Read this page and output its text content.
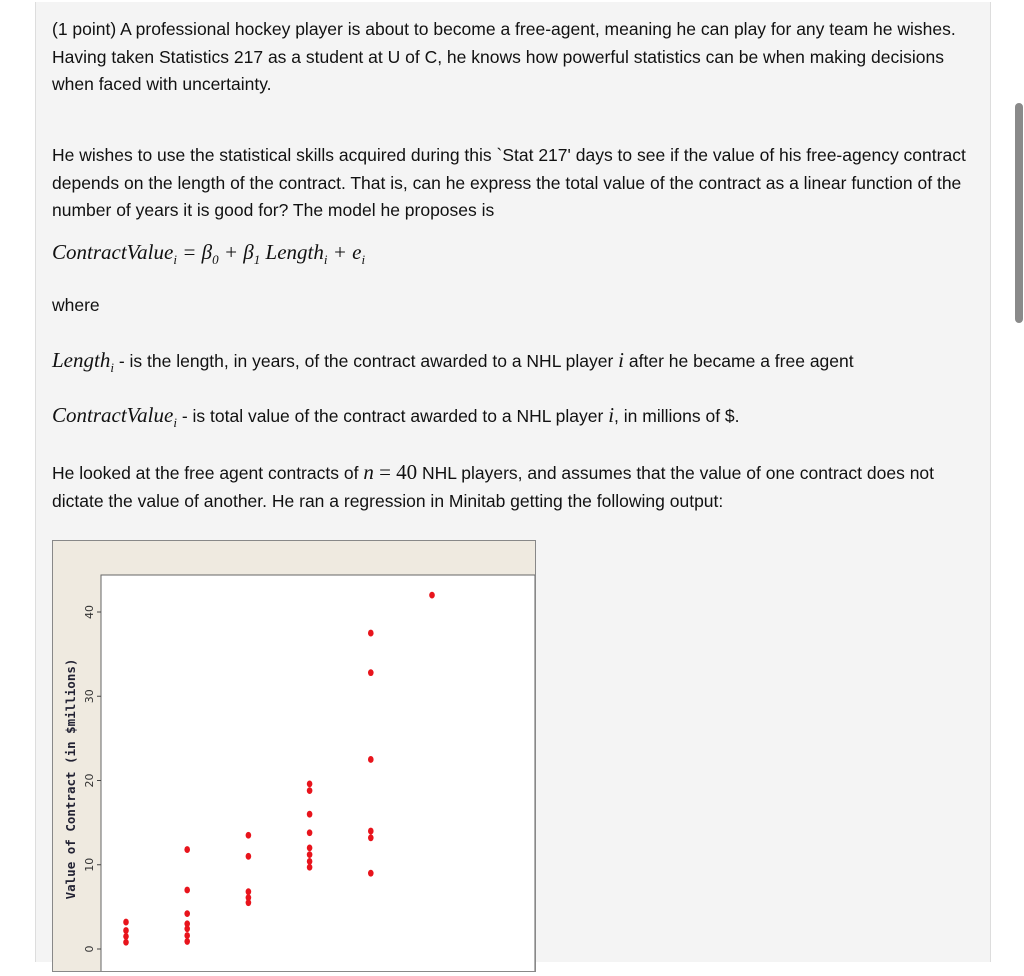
(1 point) A professional hockey player is about to become a free-agent, meaning he can play for any team he wishes. Having taken Statistics 217 as a student at U of C, he knows how powerful statistics can be when making decisions when faced with uncertainty.

He wishes to use the statistical skills acquired during this `Stat 217' days to see if the value of his free-agency contract depends on the length of the contract. That is, can he express the total value of the contract as a linear function of the number of years it is good for? The model he proposes is

ContractValue$_i$ = $\beta_0 + \beta_1$ Length$_i$ + $e_i$

where

Length$_i$ - is the length, in years, of the contract awarded to a NHL player i after he became a free agent
ContractValue$_i$ - is total value of the contract awarded to a NHL player i, in millions of $.

He looked at the free agent contracts of n = 40 NHL players, and assumes that the value of one contract does not dictate the value of another. He ran a regression in Minitab getting the following output:

0
10
20
30
40
Value of Contract (in $millions)
